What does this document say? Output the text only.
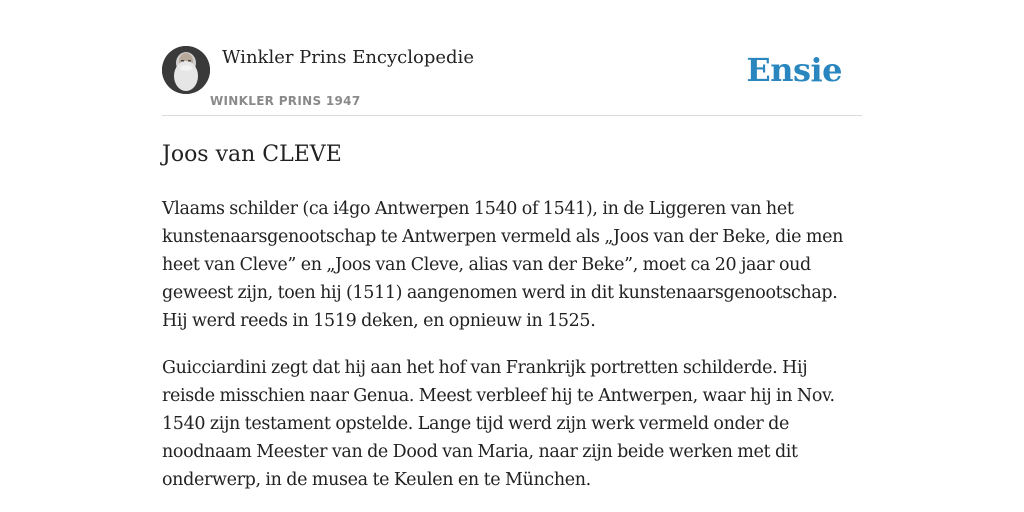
Winkler Prins Encyclopedie
WINKLER PRINS 1947
Ensie
Joos van CLEVE

Vlaams schilder (ca i4go Antwerpen 1540 of 1541), in de Liggeren van het kunstenaarsgenootschap te Antwerpen vermeld als „Joos van der Beke, die men heet van Cleve” en „Joos van Cleve, alias van der Beke”, moet ca 20 jaar oud geweest zijn, toen hij (1511) aangenomen werd in dit kunstenaarsgenootschap. Hij werd reeds in 1519 deken, en opnieuw in 1525.

Guicciardini zegt dat hij aan het hof van Frankrijk portretten schilderde. Hij reisde misschien naar Genua. Meest verbleef hij te Antwerpen, waar hij in Nov. 1540 zijn testament opstelde. Lange tijd werd zijn werk vermeld onder de noodnaam Meester van de Dood van Maria, naar zijn beide werken met dit onderwerp, in de musea te Keulen en te München.
